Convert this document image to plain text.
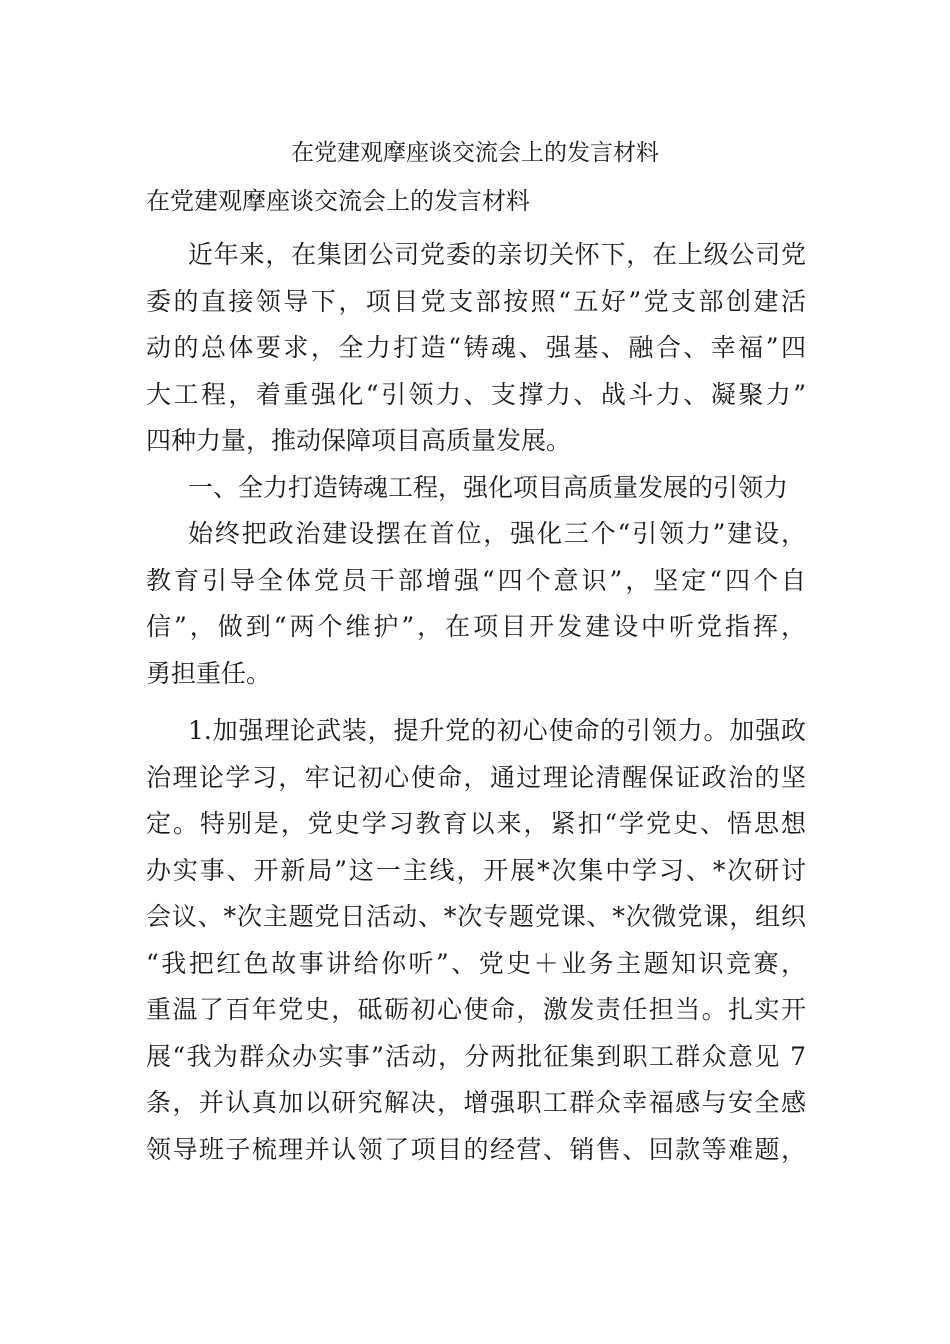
在党建观摩座谈交流会上的发言材料
在党建观摩座谈交流会上的发言材料
近年来，在集团公司党委的亲切关怀下，在上级公司党
委的直接领导下，项目党支部按照“五好”党支部创建活
动的总体要求，全力打造“铸魂、强基、融合、幸福”四
大工程，着重强化“引领力、支撑力、战斗力、凝聚力”
四种力量，推动保障项目高质量发展。
一、全力打造铸魂工程，强化项目高质量发展的引领力
始终把政治建设摆在首位，强化三个“引领力”建设，
教育引导全体党员干部增强“四个意识”，坚定“四个自
信”，做到“两个维护”，在项目开发建设中听党指挥，
勇担重任。
1.加强理论武装，提升党的初心使命的引领力。加强政
治理论学习，牢记初心使命，通过理论清醒保证政治的坚
定。特别是，党史学习教育以来，紧扣“学党史、悟思想
办实事、开新局”这一主线，开展*次集中学习、*次研讨
会议、*次主题党日活动、*次专题党课、*次微党课，组织
“我把红色故事讲给你听”、党史＋业务主题知识竞赛，
重温了百年党史，砥砺初心使命，激发责任担当。扎实开
展“我为群众办实事”活动，分两批征集到职工群众意见 7
条，并认真加以研究解决，增强职工群众幸福感与安全感
领导班子梳理并认领了项目的经营、销售、回款等难题，
